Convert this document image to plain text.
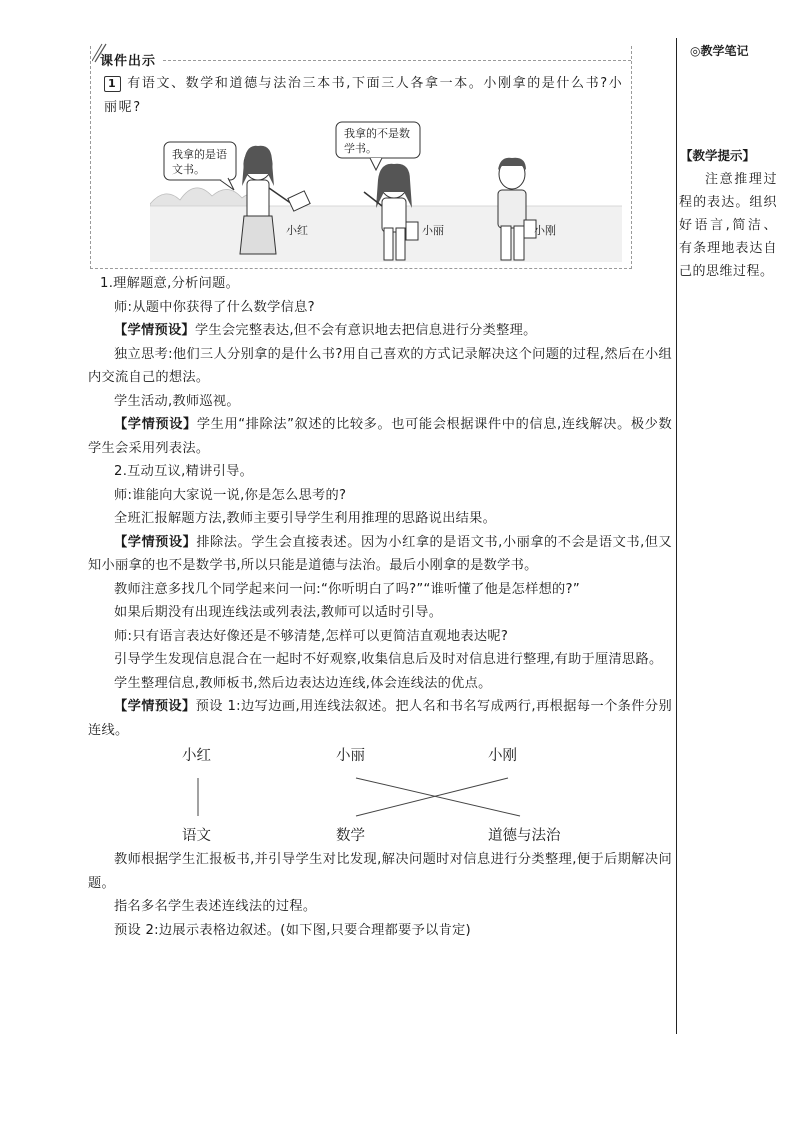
◎教学笔记
【教学提示】
注意推理过程的表达。组织好语言,简洁、有条理地表达自己的思维过程。
课件出示
1 有语文、数学和道德与法治三本书,下面三人各拿一本。小刚拿的是什么书?小丽呢?
小红	小丽	小刚
我拿的是语
文书。
我拿的不是数
学书。

1.理解题意,分析问题。

师:从题中你获得了什么数学信息?

【学情预设】学生会完整表达,但不会有意识地去把信息进行分类整理。

独立思考:他们三人分别拿的是什么书?用自己喜欢的方式记录解决这个问题的过程,然后在小组内交流自己的想法。

学生活动,教师巡视。

【学情预设】学生用“排除法”叙述的比较多。也可能会根据课件中的信息,连线解决。极少数学生会采用列表法。

2.互动互议,精讲引导。

师:谁能向大家说一说,你是怎么思考的?

全班汇报解题方法,教师主要引导学生利用推理的思路说出结果。

【学情预设】排除法。学生会直接表述。因为小红拿的是语文书,小丽拿的不会是语文书,但又知小丽拿的也不是数学书,所以只能是道德与法治。最后小刚拿的是数学书。

教师注意多找几个同学起来问一问:“你听明白了吗?”“谁听懂了他是怎样想的?”

如果后期没有出现连线法或列表法,教师可以适时引导。

师:只有语言表达好像还是不够清楚,怎样可以更简洁直观地表达呢?

引导学生发现信息混合在一起时不好观察,收集信息后及时对信息进行整理,有助于厘清思路。

学生整理信息,教师板书,然后边表达边连线,体会连线法的优点。

【学情预设】预设 1:边写边画,用连线法叙述。把人名和书名写成两行,再根据每一个条件分别连线。

小红	小丽	小刚
语文	数学	道德与法治

教师根据学生汇报板书,并引导学生对比发现,解决问题时对信息进行分类整理,便于后期解决问题。

指名多名学生表述连线法的过程。

预设 2:边展示表格边叙述。(如下图,只要合理都要予以肯定)
